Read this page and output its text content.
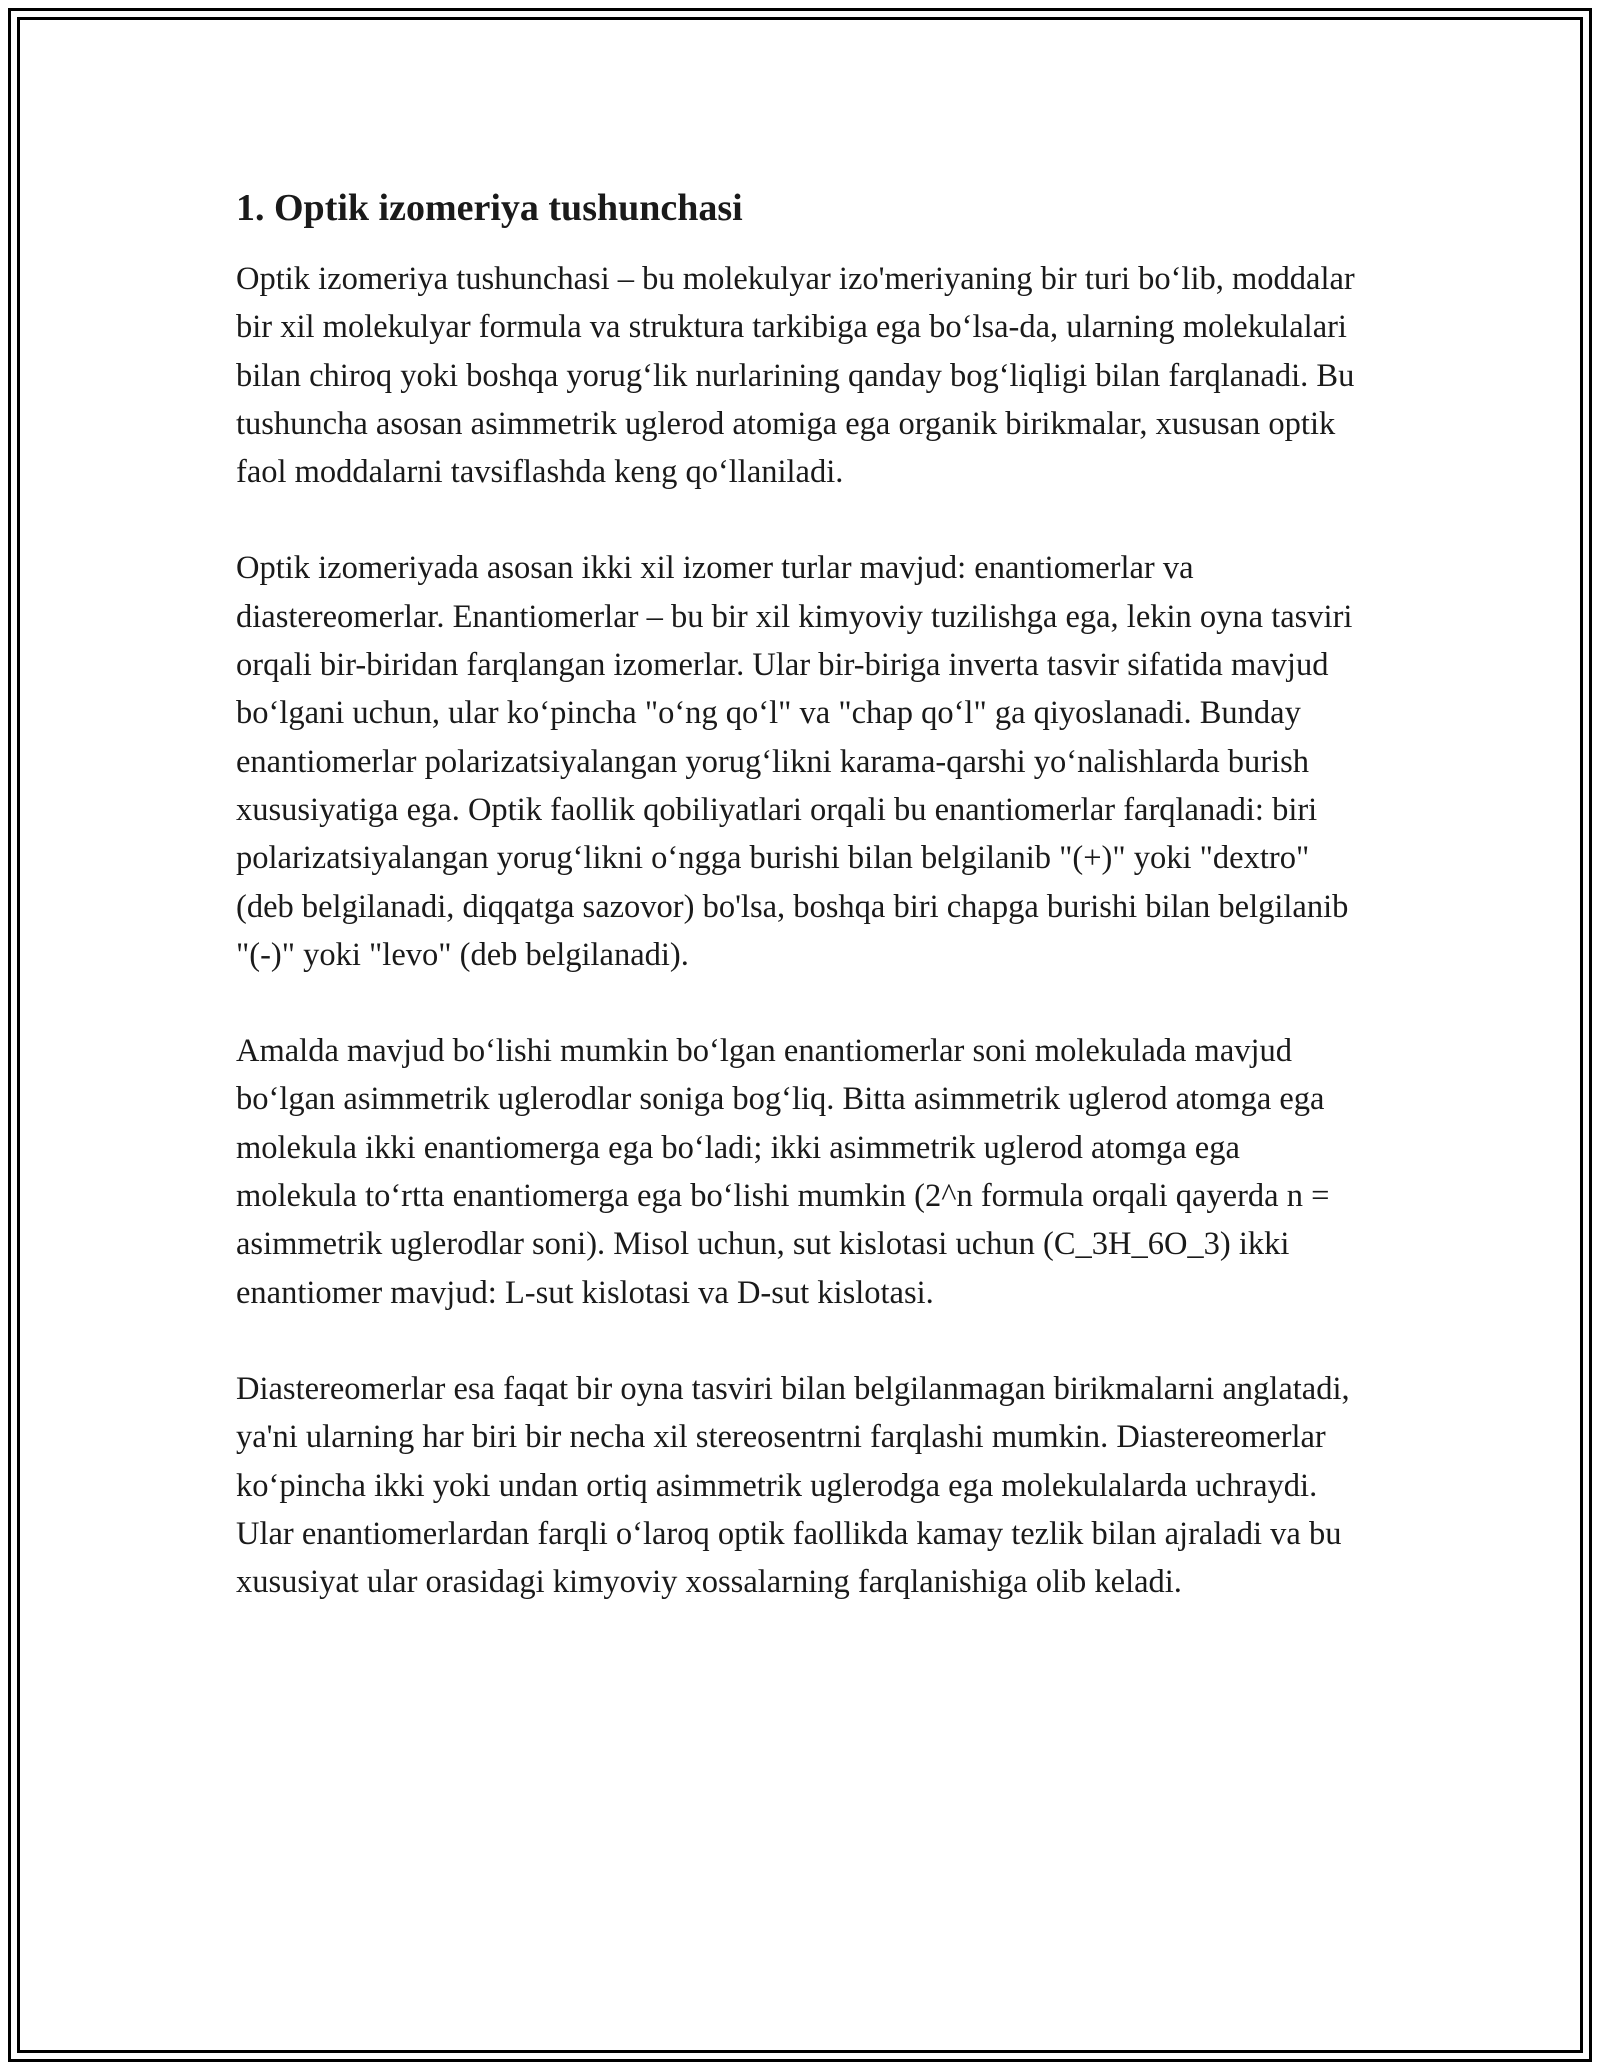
1. Optik izomeriya tushunchasi

Optik izomeriya tushunchasi – bu molekulyar izo'meriyaning bir turi bo‘lib, moddalar bir xil molekulyar formula va struktura tarkibiga ega bo‘lsa-da, ularning molekulalari bilan chiroq yoki boshqa yorug‘lik nurlarining qanday bog‘liqligi bilan farqlanadi. Bu tushuncha asosan asimmetrik uglerod atomiga ega organik birikmalar, xususan optik faol moddalarni tavsiflashda keng qo‘llaniladi.

Optik izomeriyada asosan ikki xil izomer turlar mavjud: enantiomerlar va diastereomerlar. Enantiomerlar – bu bir xil kimyoviy tuzilishga ega, lekin oyna tasviri orqali bir-biridan farqlangan izomerlar. Ular bir-biriga inverta tasvir sifatida mavjud bo‘lgani uchun, ular ko‘pincha "o‘ng qo‘l" va "chap qo‘l" ga qiyoslanadi. Bunday enantiomerlar polarizatsiyalangan yorug‘likni karama-qarshi yo‘nalishlarda burish xususiyatiga ega. Optik faollik qobiliyatlari orqali bu enantiomerlar farqlanadi: biri polarizatsiyalangan yorug‘likni o‘ngga burishi bilan belgilanib "(+)" yoki "dextro" (deb belgilanadi, diqqatga sazovor) bo'lsa, boshqa biri chapga burishi bilan belgilanib "(-)" yoki "levo" (deb belgilanadi).

Amalda mavjud bo‘lishi mumkin bo‘lgan enantiomerlar soni molekulada mavjud bo‘lgan asimmetrik uglerodlar soniga bog‘liq. Bitta asimmetrik uglerod atomga ega molekula ikki enantiomerga ega bo‘ladi; ikki asimmetrik uglerod atomga ega molekula to‘rtta enantiomerga ega bo‘lishi mumkin (2^n formula orqali qayerda n = asimmetrik uglerodlar soni). Misol uchun, sut kislotasi uchun (C_3H_6O_3) ikki enantiomer mavjud: L-sut kislotasi va D-sut kislotasi.

Diastereomerlar esa faqat bir oyna tasviri bilan belgilanmagan birikmalarni anglatadi, ya'ni ularning har biri bir necha xil stereosentrni farqlashi mumkin. Diastereomerlar ko‘pincha ikki yoki undan ortiq asimmetrik uglerodga ega molekulalarda uchraydi. Ular enantiomerlardan farqli o‘laroq optik faollikda kamay tezlik bilan ajraladi va bu xususiyat ular orasidagi kimyoviy xossalarning farqlanishiga olib keladi.
